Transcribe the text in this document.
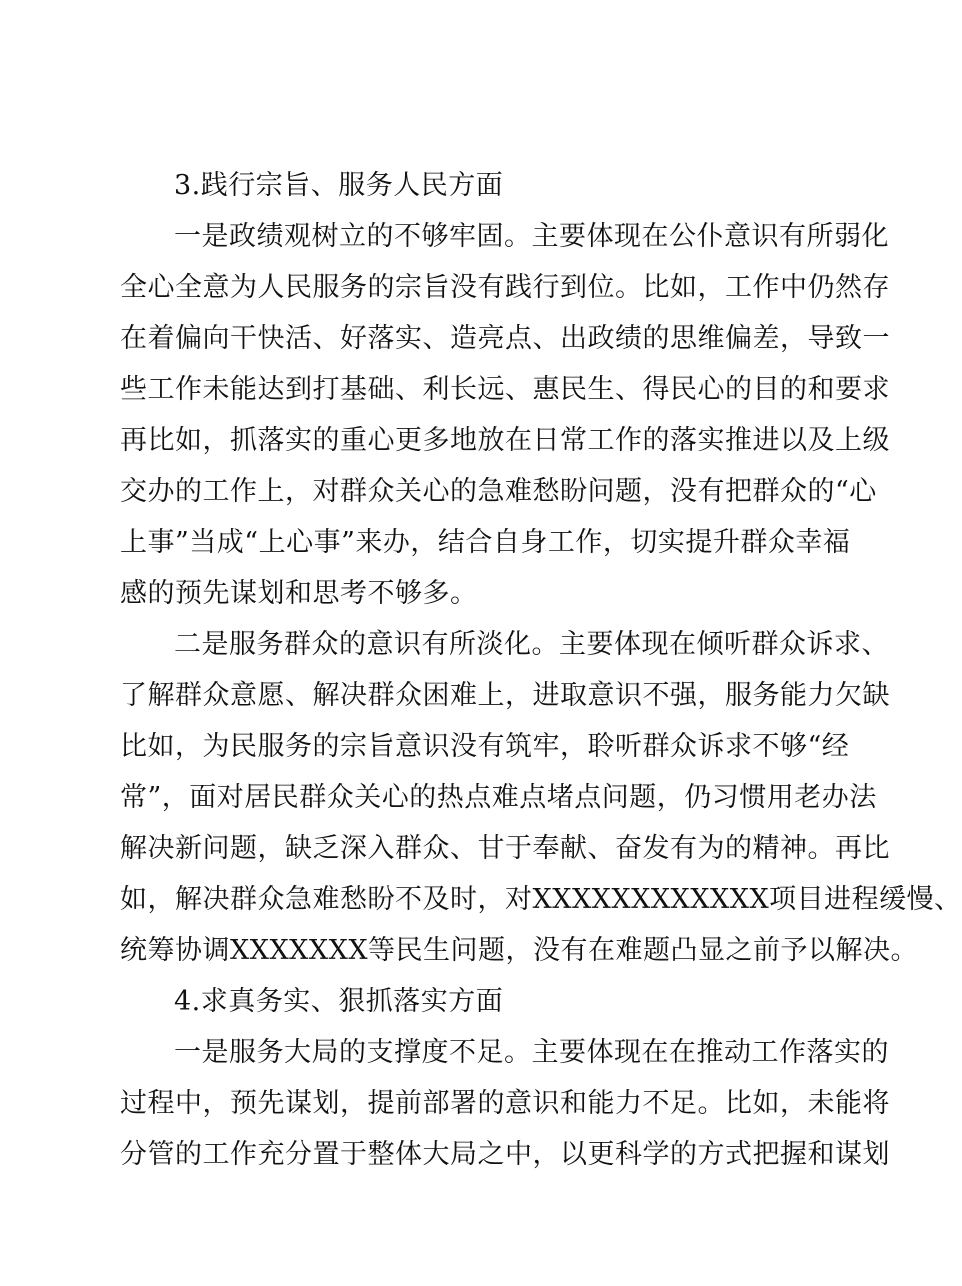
3.践行宗旨、服务人民方面
一是政绩观树立的不够牢固。主要体现在公仆意识有所弱化
全心全意为人民服务的宗旨没有践行到位。比如，工作中仍然存
在着偏向干快活、好落实、造亮点、出政绩的思维偏差，导致一
些工作未能达到打基础、利长远、惠民生、得民心的目的和要求
再比如，抓落实的重心更多地放在日常工作的落实推进以及上级
交办的工作上，对群众关心的急难愁盼问题，没有把群众的“心
上事”当成“上心事”来办，结合自身工作，切实提升群众幸福
感的预先谋划和思考不够多。
二是服务群众的意识有所淡化。主要体现在倾听群众诉求、
了解群众意愿、解决群众困难上，进取意识不强，服务能力欠缺
比如，为民服务的宗旨意识没有筑牢，聆听群众诉求不够“经
常”，面对居民群众关心的热点难点堵点问题，仍习惯用老办法
解决新问题，缺乏深入群众、甘于奉献、奋发有为的精神。再比
如，解决群众急难愁盼不及时，对XXXXXXXXXXXX项目进程缓慢、
统筹协调XXXXXXX等民生问题，没有在难题凸显之前予以解决。
4.求真务实、狠抓落实方面
一是服务大局的支撑度不足。主要体现在在推动工作落实的
过程中，预先谋划，提前部署的意识和能力不足。比如，未能将
分管的工作充分置于整体大局之中，以更科学的方式把握和谋划
